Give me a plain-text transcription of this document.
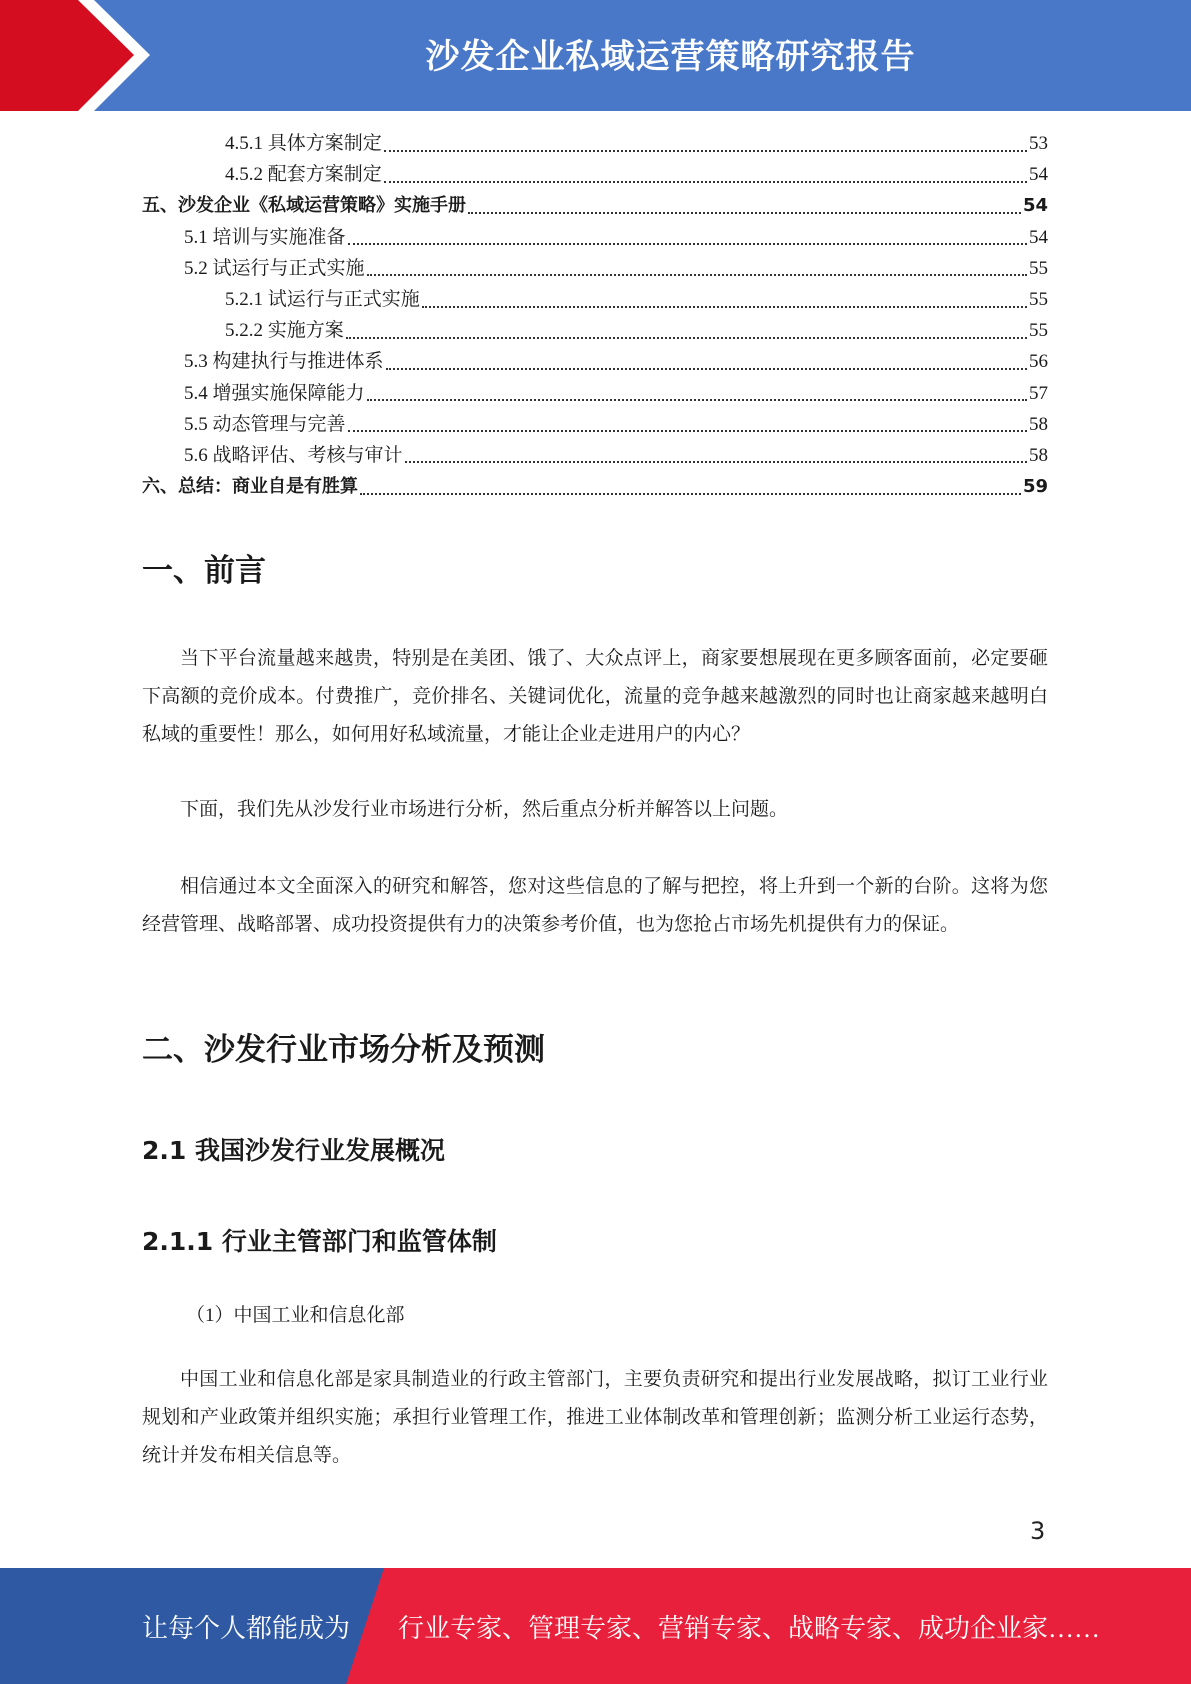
沙发企业私域运营策略研究报告
4.5.1 具体方案制定	53
4.5.2 配套方案制定	54
五、沙发企业《私域运营策略》实施手册	54
5.1 培训与实施准备	54
5.2 试运行与正式实施	55
5.2.1 试运行与正式实施	55
5.2.2 实施方案	55
5.3 构建执行与推进体系	56
5.4 增强实施保障能力	57
5.5 动态管理与完善	58
5.6 战略评估、考核与审计	58
六、总结：商业自是有胜算	59
一、前言

当下平台流量越来越贵，特别是在美团、饿了、大众点评上，商家要想展现在更多顾客面前，必定要砸下高额的竞价成本。付费推广，竞价排名、关键词优化，流量的竞争越来越激烈的同时也让商家越来越明白私域的重要性！那么，如何用好私域流量，才能让企业走进用户的内心？

下面，我们先从沙发行业市场进行分析，然后重点分析并解答以上问题。

相信通过本文全面深入的研究和解答，您对这些信息的了解与把控，将上升到一个新的台阶。这将为您经营管理、战略部署、成功投资提供有力的决策参考价值，也为您抢占市场先机提供有力的保证。

二、沙发行业市场分析及预测
2.1 我国沙发行业发展概况
2.1.1 行业主管部门和监管体制
（1）中国工业和信息化部

中国工业和信息化部是家具制造业的行政主管部门，主要负责研究和提出行业发展战略，拟订工业行业规划和产业政策并组织实施；承担行业管理工作，推进工业体制改革和管理创新；监测分析工业运行态势，统计并发布相关信息等。

3
让每个人都能成为 行业专家、管理专家、营销专家、战略专家、成功企业家……
